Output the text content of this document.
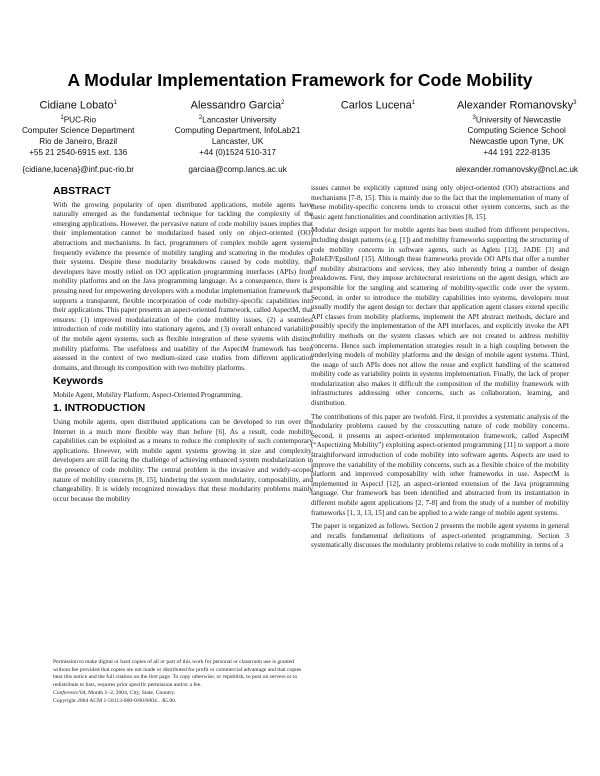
A Modular Implementation Framework for Code Mobility
Cidiane Lobato$^1$
$^1$PUC-Rio
Computer Science Department
Rio de Janeiro, Brazil
+55 21 2540-6915 ext. 136
{cidiane,lucena}@inf.puc-rio.br
Alessandro Garcia$^2$
$^2$Lancaster University
Computing Department, InfoLab21
Lancaster, UK
+44 (0)1524 510-317
garciaa@comp.lancs.ac.uk
Carlos Lucena$^1$	Alexander Romanovsky$^3$
$^3$University of Newcastle
Computing Science School
Newcastle upon Tyne, UK
+44 191 222-8135
alexander.romanovsky@ncl.ac.uk
ABSTRACT

With the growing popularity of open distributed applications, mobile agents have naturally emerged as the fundamental technique for tackling the complexity of the emerging applications. However, the pervasive nature of code mobility issues implies that their implementation cannot be modularized based only on object-oriented (OO) abstractions and mechanisms. In fact, programmers of complex mobile agent systems frequently evidence the presence of mobility tangling and scattering in the modules of their systems. Despite these modularity breakdowns caused by code mobility, the developers have mostly relied on OO application programming interfaces (APIs) from mobility platforms and on the Java programming language. As a consequence, there is a pressing need for empowering developers with a modular implementation framework that supports a transparent, flexible incorporation of code mobility-specific capabilities into their applications. This paper presents an aspect-oriented framework, called AspectM, that ensures: (1) improved modularization of the code mobility issues, (2) a seamless introduction of code mobility into stationary agents, and (3) overall enhanced variability of the mobile agent systems, such as flexible integration of these systems with distinct mobility platforms. The usefulness and usability of the AspectM framework has been assessed in the context of two medium-sized case studies from different application domains, and through its composition with two mobility platforms.

Keywords

Mobile Agent, Mobility Platform, Aspect-Oriented Programming.

1. INTRODUCTION

Using mobile agents, open distributed applications can be developed to run over the Internet in a much more flexible way than before [6]. As a result, code mobility capabilities can be exploited as a means to reduce the complexity of such contemporary applications. However, with mobile agent systems growing in size and complexity, developers are still facing the challenge of achieving enhanced system modularization in the presence of code mobility. The central problem is the invasive and widely-scoped nature of mobility concerns [8, 15], hindering the system modularity, composability, and changeability. It is widely recognized nowadays that these modularity problems mainly occur because the mobility

Permission to make digital or hard copies of all or part of this work for personal or classroom use is granted without fee provided that copies are not made or distributed for profit or commercial advantage and that copies bear this notice and the full citation on the first page. To copy otherwise, or republish, to post on servers or to redistribute to lists, requires prior specific permission and/or a fee.
Conference'04, Month 1–2, 2004, City, State, Country.
Copyright 2004 ACM 1-58113-000-0/00/0004…$5.00.

issues cannot be explicitly captured using only object-oriented (OO) abstractions and mechanisms [7-8, 15]. This is mainly due to the fact that the implementation of many of these mobility-specific concerns tends to crosscut other system concerns, such as the basic agent functionalities and coordination activities [8, 15].

Modular design support for mobile agents has been studied from different perspectives, including design patterns (e.g. [1]) and mobility frameworks supporting the structuring of code mobility concerns in software agents, such as Aglets [13], JADE [3] and RoleEP/EpsilonJ [15]. Although these frameworks provide OO APIs that offer a number of mobility abstractions and services, they also inherently bring a number of design breakdowns. First, they impose architectural restrictions on the agent design, which are responsible for the tangling and scattering of mobility-specific code over the system. Second, in order to introduce the mobility capabilities into systems, developers must usually modify the agent design to: declare that application agent classes extend specific API classes from mobility platforms, implement the API abstract methods, declare and possibly specify the implementation of the API interfaces, and explicitly invoke the API mobility methods on the system classes which are not created to address mobility concerns. Hence such implementation strategies result in a high coupling between the underlying models of mobility platforms and the design of mobile agent systems. Third, the usage of such APIs does not allow the reuse and explicit handling of the scattered mobility code as variability points in systems implementation. Finally, the lack of proper modularization also makes it difficult the composition of the mobility framework with infrastructures addressing other concerns, such as collaboration, learning, and distribution.

The contributions of this paper are twofold. First, it provides a systematic analysis of the modularity problems caused by the crosscutting nature of code mobility concerns. Second, it presents an aspect-oriented implementation framework, called AspectM (“Aspectizing Mobility”) exploiting aspect-oriented programming [11] to support a more straightforward introduction of code mobility into software agents. Aspects are used to improve the variability of the mobility concerns, such as a flexible choice of the mobility platform and improved composability with other frameworks in use. AspectM is implemented in AspectJ [12], an aspect-oriented extension of the Java programming language. Our framework has been identified and abstracted from its instantiation in different mobile agent applications [2, 7-8] and from the study of a number of mobility frameworks [1, 3, 13, 15] and can be applied to a wide range of mobile agent systems.

The paper is organized as follows. Section 2 presents the mobile agent systems in general and recalls fundamental definitions of aspect-oriented programming. Section 3 systematically discusses the modularity problems relative to code mobility in terms of a
